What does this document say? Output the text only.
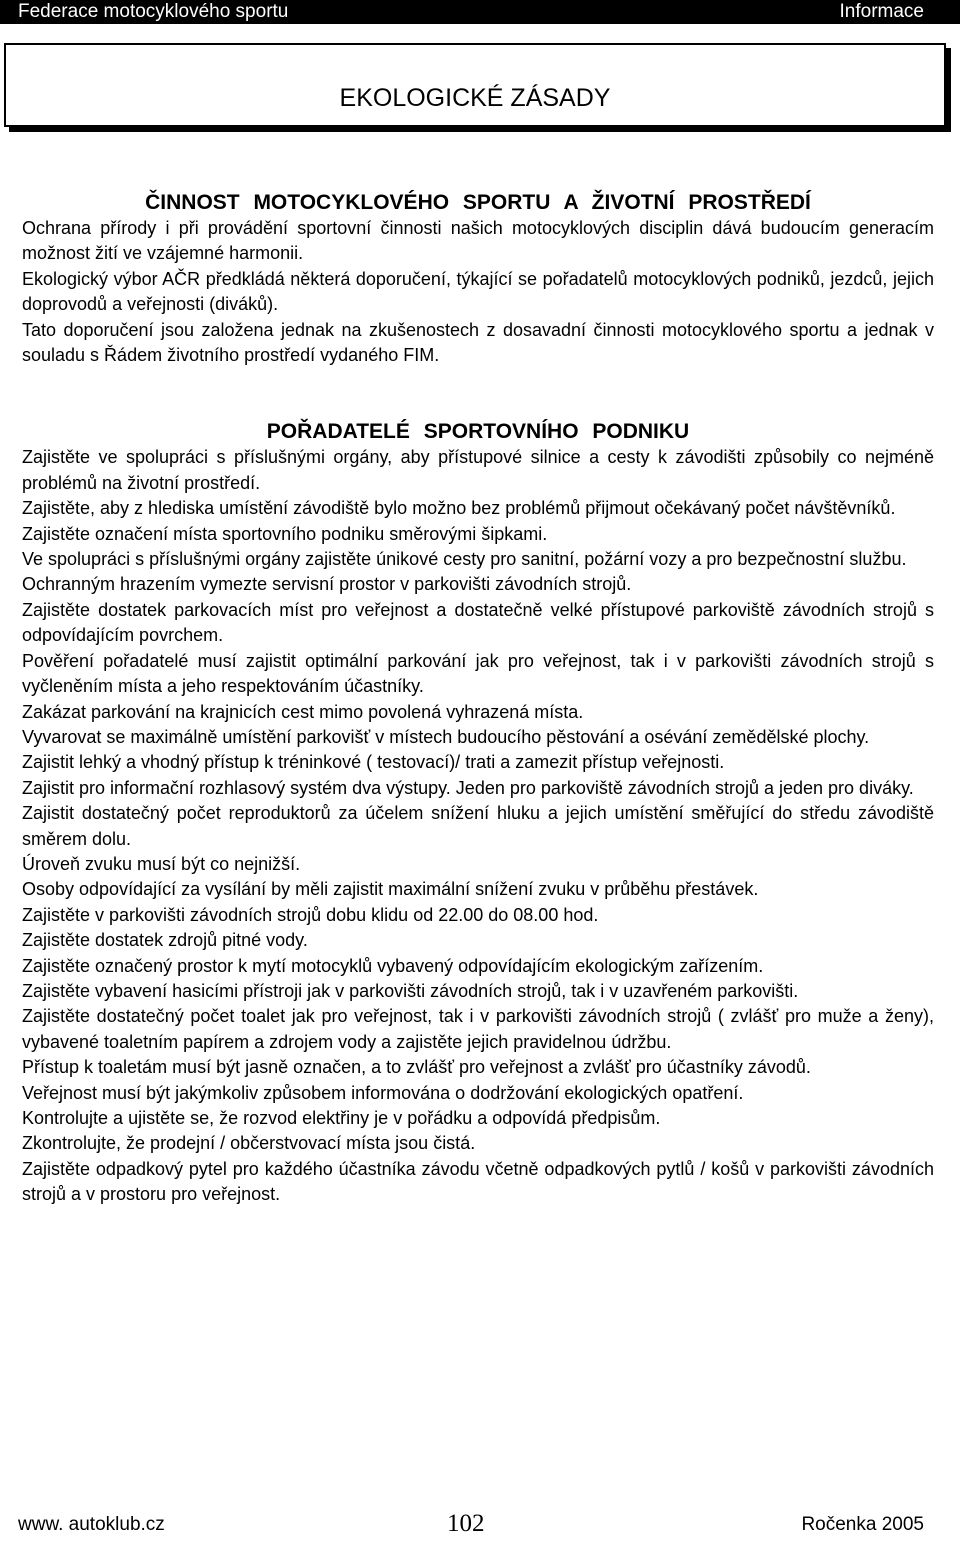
Federace motocyklového sportu	Informace
EKOLOGICKÉ ZÁSADY
ČINNOST MOTOCYKLOVÉHO SPORTU A ŽIVOTNÍ PROSTŘEDÍ

Ochrana přírody i při provádění sportovní činnosti našich motocyklových disciplin dává budoucím generacím možnost žití ve vzájemné harmonii.

Ekologický výbor AČR předkládá některá doporučení, týkající se pořadatelů motocyklových podniků, jezdců, jejich doprovodů a veřejnosti (diváků).

Tato doporučení jsou založena jednak na zkušenostech z dosavadní činnosti motocyklového sportu a jednak v souladu s Řádem životního prostředí vydaného FIM.

POŘADATELÉ SPORTOVNÍHO PODNIKU

Zajistěte ve spolupráci s příslušnými orgány, aby přístupové silnice a cesty k závodišti způsobily co nejméně problémů na životní prostředí.

Zajistěte, aby z hlediska umístění závodiště bylo možno bez problémů přijmout očekávaný počet návštěvníků.

Zajistěte označení místa sportovního podniku směrovými šipkami.

Ve spolupráci s příslušnými orgány zajistěte únikové cesty pro sanitní, požární vozy a pro bezpečnostní službu.

Ochranným hrazením vymezte servisní prostor v parkovišti závodních strojů.

Zajistěte dostatek parkovacích míst pro veřejnost a dostatečně velké přístupové parkoviště závodních strojů s odpovídajícím povrchem.

Pověření pořadatelé musí zajistit optimální parkování jak pro veřejnost, tak i v parkovišti závodních strojů s vyčleněním místa a jeho respektováním účastníky.

Zakázat parkování na krajnicích cest mimo povolená vyhrazená místa.

Vyvarovat se maximálně umístění parkovišť v místech budoucího pěstování a osévání zemědělské plochy.

Zajistit lehký a vhodný přístup k tréninkové ( testovací)/ trati a zamezit přístup veřejnosti.

Zajistit pro informační rozhlasový systém dva výstupy. Jeden pro parkoviště závodních strojů a jeden pro diváky.

Zajistit dostatečný počet reproduktorů za účelem snížení hluku a jejich umístění směřující do středu závodiště směrem dolu.

Úroveň zvuku musí být co nejnižší.

Osoby odpovídající za vysílání by měli zajistit maximální snížení zvuku v průběhu přestávek.

Zajistěte v parkovišti závodních strojů dobu klidu od 22.00 do 08.00 hod.

Zajistěte dostatek zdrojů pitné vody.

Zajistěte označený prostor k mytí motocyklů vybavený odpovídajícím ekologickým zařízením.

Zajistěte vybavení hasicími přístroji jak v parkovišti závodních strojů, tak i v uzavřeném parkovišti.

Zajistěte dostatečný počet toalet jak pro veřejnost, tak i v parkovišti závodních strojů ( zvlášť pro muže a ženy), vybavené toaletním papírem a zdrojem vody a zajistěte jejich pravidelnou údržbu.

Přístup k toaletám musí být jasně označen, a to zvlášť pro veřejnost a zvlášť pro účastníky závodů.

Veřejnost musí být jakýmkoliv způsobem informována o dodržování ekologických opatření.

Kontrolujte a ujistěte se, že rozvod elektřiny je v pořádku a odpovídá předpisům.

Zkontrolujte, že prodejní / občerstvovací místa jsou čistá.

Zajistěte odpadkový pytel pro každého účastníka závodu včetně odpadkových pytlů / košů v parkovišti závodních strojů a v prostoru pro veřejnost.

www. autoklub.cz	102	Ročenka 2005
